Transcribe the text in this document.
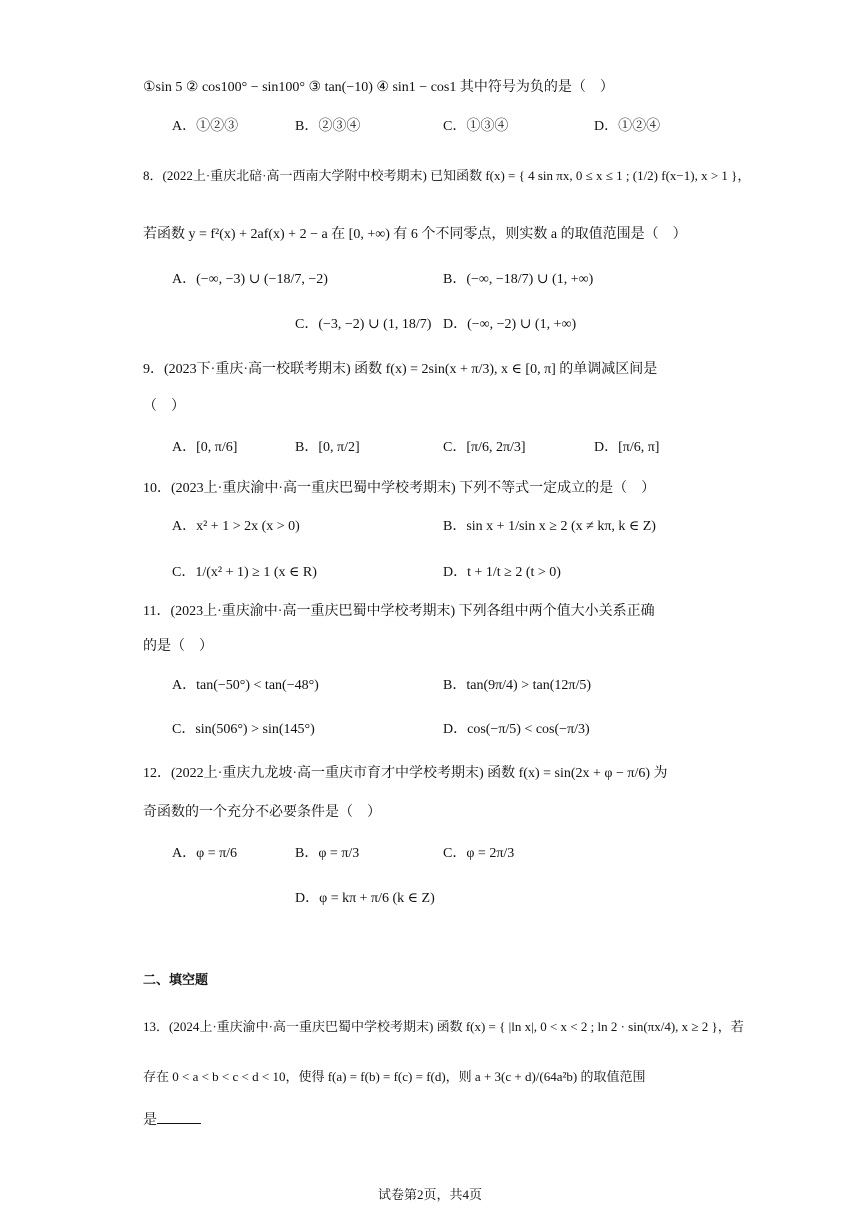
①sin 5 ② cos100° − sin100° ③ tan(−10) ④ sin1 − cos1 其中符号为负的是（　）
A．①②③	B．②③④	C．①③④	D．①②④
8．(2022上·重庆北碚·高一西南大学附中校考期末) 已知函数 f(x) = { 4 sin πx, 0 ≤ x ≤ 1 ; (1/2) f(x−1), x > 1 }，
若函数 y = f²(x) + 2af(x) + 2 − a 在 [0, +∞) 有 6 个不同零点，则实数 a 的取值范围是（　）
A．(−∞, −3) ∪ (−18/7, −2)	B．(−∞, −18/7) ∪ (1, +∞)
C．(−3, −2) ∪ (1, 18/7) D．(−∞, −2) ∪ (1, +∞)
9．(2023下·重庆·高一校联考期末) 函数 f(x) = 2sin(x + π/3), x ∈ [0, π] 的单调减区间是
（　）
A．[0, π/6]	B．[0, π/2]	C．[π/6, 2π/3]	D．[π/6, π]
10．(2023上·重庆渝中·高一重庆巴蜀中学校考期末) 下列不等式一定成立的是（　）
A．x² + 1 > 2x (x > 0)	B．sin x + 1/sin x ≥ 2 (x ≠ kπ, k ∈ Z)
C．1/(x² + 1) ≥ 1 (x ∈ R)	D．t + 1/t ≥ 2 (t > 0)
11．(2023上·重庆渝中·高一重庆巴蜀中学校考期末) 下列各组中两个值大小关系正确
的是（　）
A．tan(−50°) < tan(−48°)	B．tan(9π/4) > tan(12π/5)
C．sin(506°) > sin(145°)	D．cos(−π/5) < cos(−π/3)
12．(2022上·重庆九龙坡·高一重庆市育才中学校考期末) 函数 f(x) = sin(2x + φ − π/6) 为
奇函数的一个充分不必要条件是（　）
A．φ = π/6	B．φ = π/3	C．φ = 2π/3
D．φ = kπ + π/6 (k ∈ Z)
二、填空题
13．(2024上·重庆渝中·高一重庆巴蜀中学校考期末) 函数 f(x) = { |ln x|, 0 < x < 2 ; ln 2 · sin(πx/4), x ≥ 2 }，若
存在 0 < a < b < c < d < 10，使得 f(a) = f(b) = f(c) = f(d)，则 a + 3(c + d)/(64a²b) 的取值范围
是
试卷第2页，共4页
